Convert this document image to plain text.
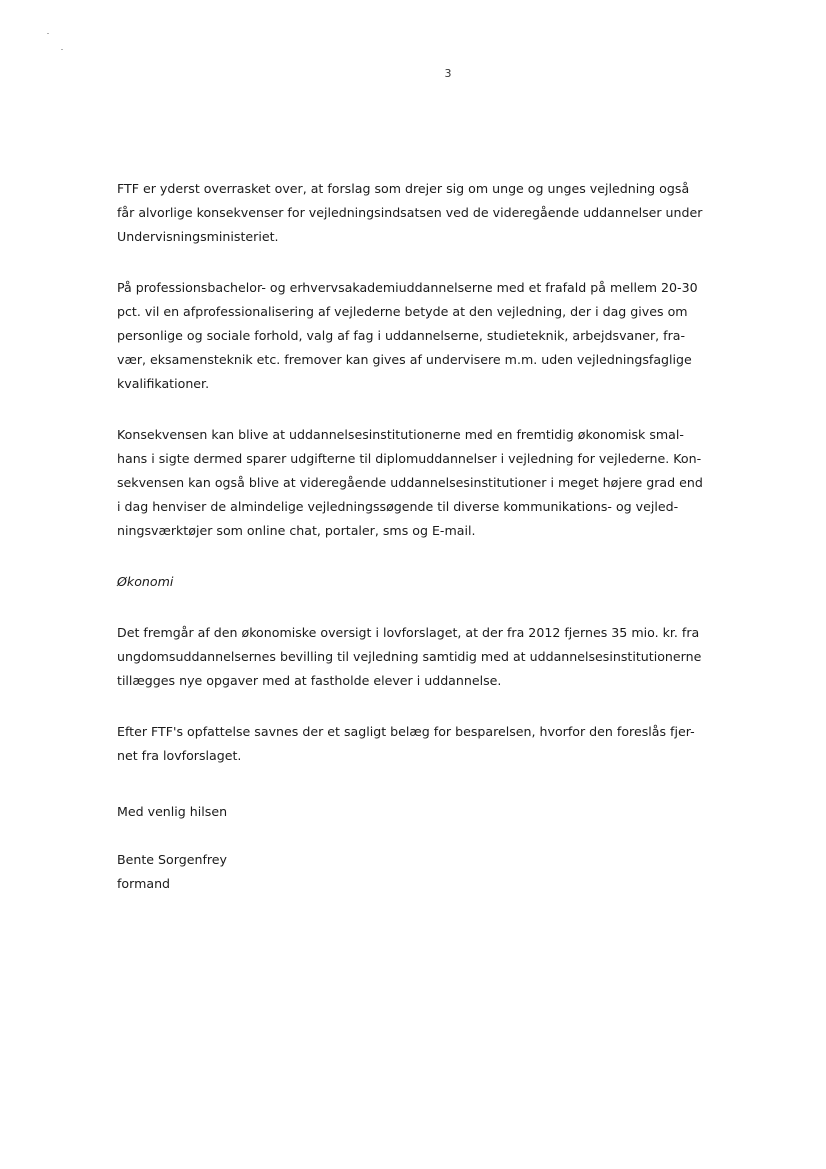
3
FTF er yderst overrasket over, at forslag som drejer sig om unge og unges vejledning også
får alvorlige konsekvenser for vejledningsindsatsen ved de videregående uddannelser under
Undervisningsministeriet.
På professionsbachelor- og erhvervsakademiuddannelserne med et frafald på mellem 20-30
pct. vil en afprofessionalisering af vejlederne betyde at den vejledning, der i dag gives om
personlige og sociale forhold, valg af fag i uddannelserne, studieteknik, arbejdsvaner, fra-
vær, eksamensteknik etc. fremover kan gives af undervisere m.m. uden vejledningsfaglige
kvalifikationer.
Konsekvensen kan blive at uddannelsesinstitutionerne med en fremtidig økonomisk smal-
hans i sigte dermed sparer udgifterne til diplomuddannelser i vejledning for vejlederne. Kon-
sekvensen kan også blive at videregående uddannelsesinstitutioner i meget højere grad end
i dag henviser de almindelige vejledningssøgende til diverse kommunikations- og vejled-
ningsværktøjer som online chat, portaler, sms og E-mail.
Økonomi
Det fremgår af den økonomiske oversigt i lovforslaget, at der fra 2012 fjernes 35 mio. kr. fra
ungdomsuddannelsernes bevilling til vejledning samtidig med at uddannelsesinstitutionerne
tillægges nye opgaver med at fastholde elever i uddannelse.
Efter FTF's opfattelse savnes der et sagligt belæg for besparelsen, hvorfor den foreslås fjer-
net fra lovforslaget.
Med venlig hilsen
Bente Sorgenfrey
formand
